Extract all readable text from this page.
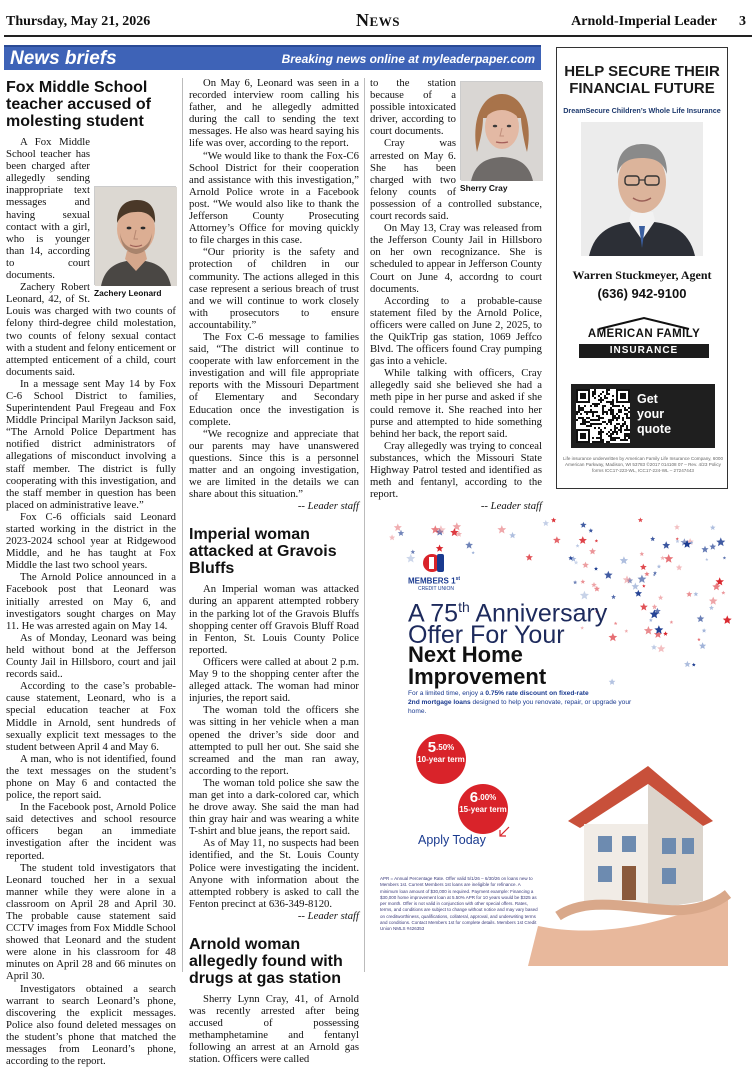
Thursday, May 21, 2026	News	Arnold-Imperial Leader 3
News briefs	Breaking news online at myleaderpaper.com
Fox Middle School teacher accused of molesting student
Zachery Leonard

A Fox Middle School teacher has been charged after allegedly sending inappropriate text messages and having sexual contact with a girl, who is younger than 14, according to court documents.

Zachery Robert Leonard, 42, of St. Louis was charged with two counts of felony third-degree child molestation, two counts of felony sexual contact with a student and felony enticement or attempted enticement of a child, court documents said.

In a message sent May 14 by Fox C-6 School District to families, Superintendent Paul Fregeau and Fox Middle Principal Marilyn Jackson said, “The Arnold Police Department has notified district administrators of allegations of misconduct involving a staff member. The district is fully cooperating with this investigation, and the staff member in question has been placed on administrative leave.”

Fox C-6 officials said Leonard started working in the district in the 2023-2024 school year at Ridgewood Middle, and he has taught at Fox Middle the last two school years.

The Arnold Police announced in a Facebook post that Leonard was initially arrested on May 6, and investigators sought charges on May 11. He was arrested again on May 14.

As of Monday, Leonard was being held without bond at the Jefferson County Jail in Hillsboro, court and jail records said..

According to the case’s probable-cause statement, Leonard, who is a special education teacher at Fox Middle in Arnold, sent hundreds of sexually explicit text messages to the student between April 4 and May 6.

A man, who is not identified, found the text messages on the student’s phone on May 6 and contacted the police, the report said.

In the Facebook post, Arnold Police said detectives and school resource officers began an immediate investigation after the incident was reported.

The student told investigators that Leonard touched her in a sexual manner while they were alone in a classroom on April 28 and April 30. The probable cause statement said CCTV images from Fox Middle School showed that Leonard and the student were alone in his classroom for 48 minutes on April 28 and 66 minutes on April 30.

Investigators obtained a search warrant to search Leonard’s phone, discovering the explicit messages. Police also found deleted messages on the student’s phone that matched the messages from Leonard’s phone, according to the report.

On May 6, Leonard was seen in a recorded interview room calling his father, and he allegedly admitted during the call to sending the text messages. He also was heard saying his life was over, according to the report.

“We would like to thank the Fox-C6 School District for their cooperation and assistance with this investigation,” Arnold Police wrote in a Facebook post. “We would also like to thank the Jefferson County Prosecuting Attorney’s Office for moving quickly to file charges in this case.

“Our priority is the safety and protection of children in our community. The actions alleged in this case represent a serious breach of trust and we will continue to work closely with prosecutors to ensure accountability.”

The Fox C-6 message to families said, “The district will continue to cooperate with law enforcement in the investigation and will file appropriate reports with the Missouri Department of Elementary and Secondary Education once the investigation is complete.

“We recognize and appreciate that our parents may have unanswered questions. Since this is a personnel matter and an ongoing investigation, we are limited in the details we can share about this situation.”

-- Leader staff

Imperial woman attacked at Gravois Bluffs

An Imperial woman was attacked during an apparent attempted robbery in the parking lot of the Gravois Bluffs shopping center off Gravois Bluff Road in Fenton, St. Louis County Police reported.

Officers were called at about 2 p.m. May 9 to the shopping center after the alleged attack. The woman had minor injuries, the report said.

The woman told the officers she was sitting in her vehicle when a man opened the driver’s side door and attempted to pull her out. She said she screamed and the man ran away, according to the report.

The woman told police she saw the man get into a dark-colored car, which he drove away. She said the man had thin gray hair and was wearing a white T-shirt and blue jeans, the report said.

As of May 11, no suspects had been identified, and the St. Louis County Police were investigating the incident. Anyone with information about the attempted robbery is asked to call the Fenton precinct at 636-349-8120.

-- Leader staff

Arnold woman allegedly found with drugs at gas station

Sherry Lynn Cray, 41, of Arnold was recently arrested after being accused of possessing methamphetamine and fentanyl following an arrest at an Arnold gas station. Officers were called

Sherry Cray

to the station because of a possible intoxicated driver, according to court documents.

Cray was arrested on May 6. She has been charged with two felony counts of possession of a controlled substance, court records said.

On May 13, Cray was released from the Jefferson County Jail in Hillsboro on her own recognizance. She is scheduled to appear in Jefferson County Court on June 4, accordng to court documents.

According to a probable-cause statement filed by the Arnold Police, officers were called on June 2, 2025, to the QuikTrip gas station, 1069 Jeffco Blvd. The officers found Cray pumping gas into a vehicle.

While talking with officers, Cray allegedly said she believed she had a meth pipe in her purse and asked if she could remove it. She reached into her purse and attempted to hide something behind her back, the report said.

Cray allegedly was trying to conceal substances, which the Missouri State Highway Patrol tested and identified as meth and fentanyl, according to the report.

-- Leader staff

HELP SECURE THEIR
FINANCIAL FUTURE
DreamSecure Children’s Whole Life Insurance
Warren Stuckmeyer, Agent
(636) 942-9100
AMERICAN FAMILY
INSURANCE
Get
your
quote
Life insurance underwritten by American Family Life Insurance Company, 6000 American Parkway, Madison, WI 53783 ©2017 014108 07 – Rev. 4/23 Policy forms ICC17-223-WL, ICC17-224-WL – 27247443
MEMBERS 1st
CREDIT UNION
A 75th Anniversary
Offer For Your
Next Home
Improvement
For a limited time, enjoy a 0.75% rate discount on fixed-rate
2nd mortgage loans designed to help you renovate, repair, or upgrade your home.
$5^{.50\%}$
10-year term
$6^{.00\%}$
15-year term
Apply Today
APR = Annual Percentage Rate. Offer valid 5/1/26 – 6/30/26 on loans new to Members 1st. Current Members 1st loans are ineligible for refinance. A minimum loan amount of $30,000 is required. Payment example: Financing a $30,000 home improvement loan at 5.50% APR for 10 years would be $325 as per month. Offer is not valid in conjunction with other special offers. Rates, terms, and conditions are subject to change without notice and may vary based on creditworthiness, qualifications, collateral, approval, and underwriting terms and conditions. Contact Members 1st for complete details. Members 1st Credit Union NMLS #426353
